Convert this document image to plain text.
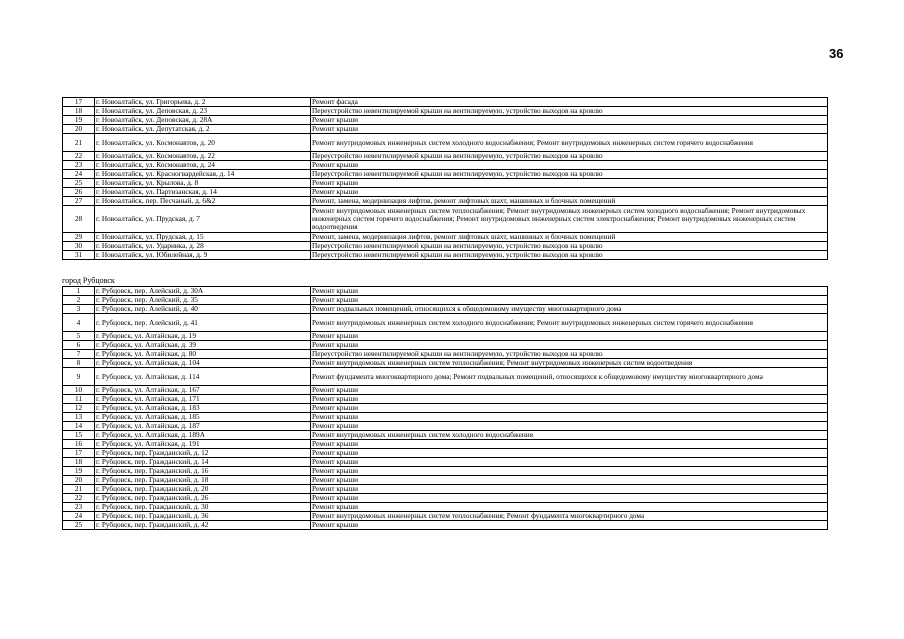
36
17	г. Новоалтайск, ул. Григорьева, д. 2	Ремонт фасада
18	г. Новоалтайск, ул. Деповская, д. 23	Переустройство невентилируемой крыши на вентилируемую, устройство выходов на кровлю
19	г. Новоалтайск, ул. Деповская, д. 28А	Ремонт крыши
20	г. Новоалтайск, ул. Депутатская, д. 2	Ремонт крыши
21	г. Новоалтайск, ул. Космонавтов, д. 20	Ремонт внутридомовых инженерных систем холодного водоснабжения; Ремонт внутридомовых инженерных систем горячего водоснабжения
22	г. Новоалтайск, ул. Космонавтов, д. 22	Переустройство невентилируемой крыши на вентилируемую, устройство выходов на кровлю
23	г. Новоалтайск, ул. Космонавтов, д. 24	Ремонт крыши
24	г. Новоалтайск, ул. Красногвардейская, д. 14	Переустройство невентилируемой крыши на вентилируемую, устройство выходов на кровлю
25	г. Новоалтайск, ул. Крылова, д. 8	Ремонт крыши
26	г. Новоалтайск, ул. Партизанская, д. 14	Ремонт крыши
27	г. Новоалтайск, пер. Песчаный, д. 6&2	Ремонт, замена, модернизация лифтов, ремонт лифтовых шахт, машинных и блочных помещений
28	г. Новоалтайск, ул. Прудская, д. 7	Ремонт внутридомовых инженерных систем теплоснабжения; Ремонт внутридомовых инженерных систем холодного водоснабжения; Ремонт внутридомовых инженерных систем горячего водоснабжения; Ремонт внутридомовых инженерных систем электроснабжения; Ремонт внутридомовых инженерных систем водоотведения
29	г. Новоалтайск, ул. Прудская, д. 15	Ремонт, замена, модернизация лифтов, ремонт лифтовых шахт, машинных и блочных помещений
30	г. Новоалтайск, ул. Ударника, д. 28	Переустройство невентилируемой крыши на вентилируемую, устройство выходов на кровлю
31	г. Новоалтайск, ул. Юбилейная, д. 9	Переустройство невентилируемой крыши на вентилируемую, устройство выходов на кровлю
город Рубцовск
1	г. Рубцовск, пер. Алейский, д. 30А	Ремонт крыши
2	г. Рубцовск, пер. Алейский, д. 35	Ремонт крыши
3	г. Рубцовск, пер. Алейский, д. 40	Ремонт подвальных помещений, относящихся к общедомовому имуществу многоквартирного дома
4	г. Рубцовск, пер. Алейский, д. 41	Ремонт внутридомовых инженерных систем холодного водоснабжения; Ремонт внутридомовых инженерных систем горячего водоснабжения
5	г. Рубцовск, ул. Алтайская, д. 19	Ремонт крыши
6	г. Рубцовск, ул. Алтайская, д. 39	Ремонт крыши
7	г. Рубцовск, ул. Алтайская, д. 80	Переустройство невентилируемой крыши на вентилируемую, устройство выходов на кровлю
8	г. Рубцовск, ул. Алтайская, д. 104	Ремонт внутридомовых инженерных систем теплоснабжения; Ремонт внутридомовых инженерных систем водоотведения
9	г. Рубцовск, ул. Алтайская, д. 114	Ремонт фундамента многоквартирного дома; Ремонт подвальных помещений, относящихся к общедомовому имуществу многоквартирного дома
10	г. Рубцовск, ул. Алтайская, д. 167	Ремонт крыши
11	г. Рубцовск, ул. Алтайская, д. 171	Ремонт крыши
12	г. Рубцовск, ул. Алтайская, д. 183	Ремонт крыши
13	г. Рубцовск, ул. Алтайская, д. 185	Ремонт крыши
14	г. Рубцовск, ул. Алтайская, д. 187	Ремонт крыши
15	г. Рубцовск, ул. Алтайская, д. 189А	Ремонт внутридомовых инженерных систем холодного водоснабжения
16	г. Рубцовск, ул. Алтайская, д. 191	Ремонт крыши
17	г. Рубцовск, пер. Гражданский, д. 12	Ремонт крыши
18	г. Рубцовск, пер. Гражданский, д. 14	Ремонт крыши
19	г. Рубцовск, пер. Гражданский, д. 16	Ремонт крыши
20	г. Рубцовск, пер. Гражданский, д. 18	Ремонт крыши
21	г. Рубцовск, пер. Гражданский, д. 20	Ремонт крыши
22	г. Рубцовск, пер. Гражданский, д. 26	Ремонт крыши
23	г. Рубцовск, пер. Гражданский, д. 30	Ремонт крыши
24	г. Рубцовск, пер. Гражданский, д. 36	Ремонт внутридомовых инженерных систем теплоснабжения; Ремонт фундамента многоквартирного дома
25	г. Рубцовск, пер. Гражданский, д. 42	Ремонт крыши
